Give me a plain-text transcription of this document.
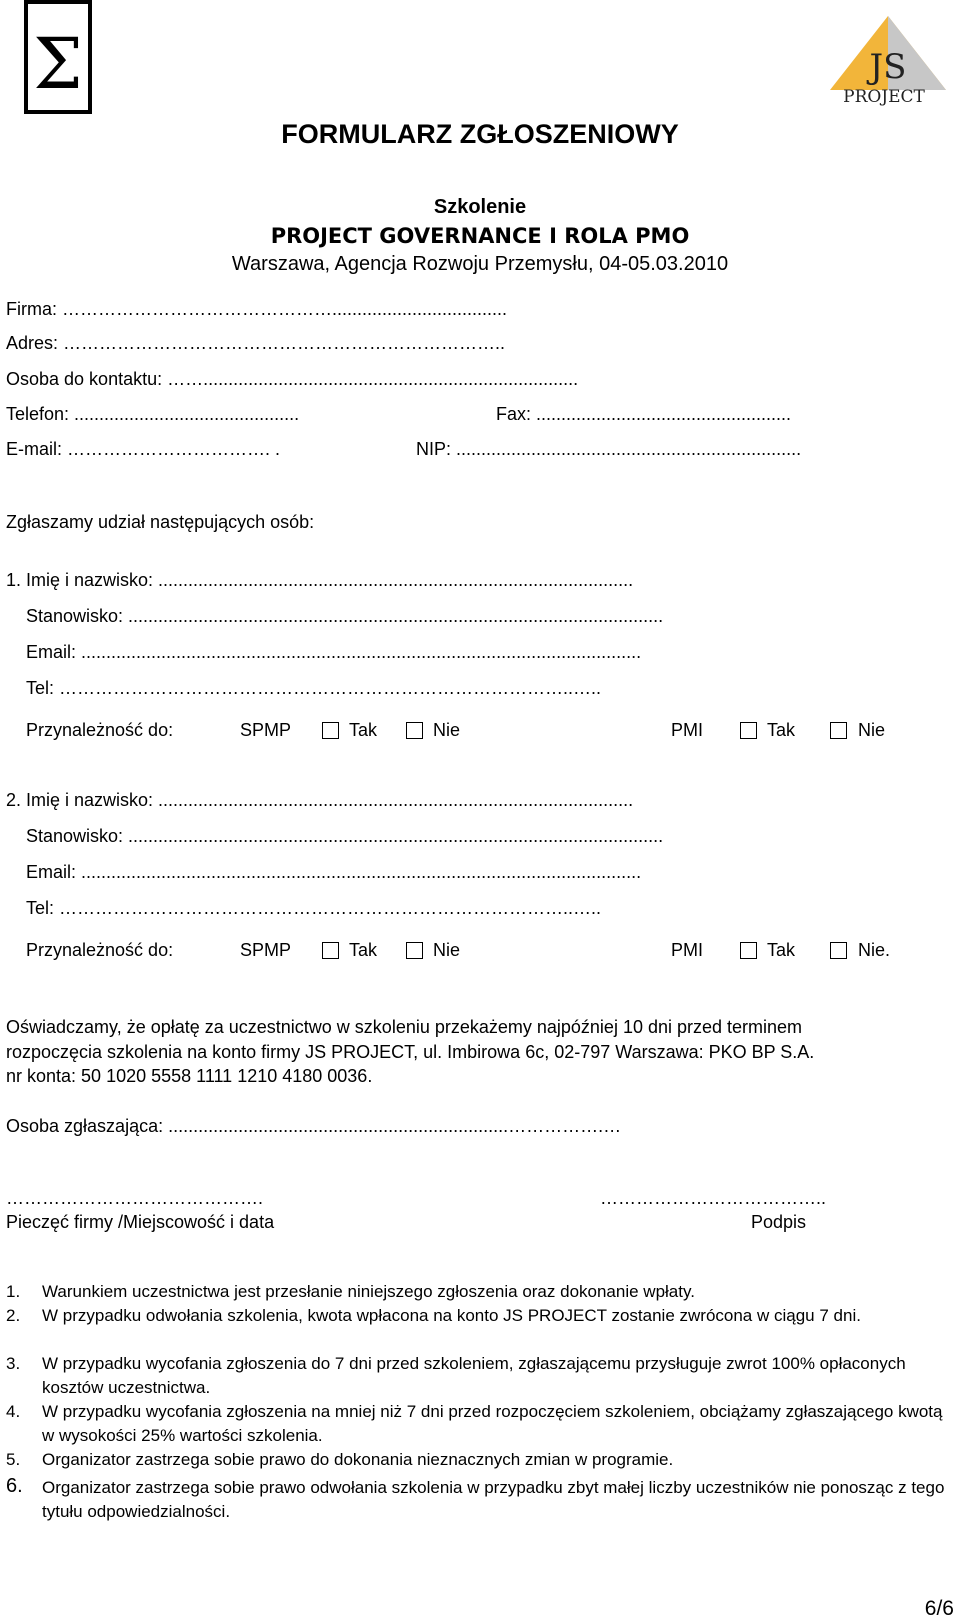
Σ	JS
PROJECT
FORMULARZ ZGŁOSZENIOWY
Szkolenie
PROJECT GOVERNANCE I ROLA PMO
Warszawa, Agencja Rozwoju Przemysłu, 04-05.03.2010
Firma: ………………………………………...................................
Adres: ………………………………………………………………..
Osoba do kontaktu: ……...........................................................................
Telefon: .............................................	Fax: ...................................................
E-mail: ……………………………. .	NIP: .....................................................................
Zgłaszamy udział następujących osób:
1. Imię i nazwisko: ...............................................................................................
Stanowisko: ...........................................................................................................
Email: ................................................................................................................
Tel: …………………………………………………………………………..…..
Przynależność do:	SPMP	Tak	Nie	PMI	Tak	Nie
2. Imię i nazwisko: ...............................................................................................
Stanowisko: ...........................................................................................................
Email: ................................................................................................................
Tel: …………………………………………………………………………..…..
Przynależność do:	SPMP	Tak	Nie	PMI	Tak	Nie.
Oświadczamy, że opłatę za uczestnictwo w szkoleniu przekażemy najpóźniej 10 dni przed terminem
rozpoczęcia szkolenia na konto firmy JS PROJECT, ul. Imbirowa 6c, 02-797 Warszawa: PKO BP S.A.
nr konta: 50 1020 5558 1111 1210 4180 0036.
Osoba zgłaszająca: ....................................................................…………….…
…………………………………….	………………………………..
Pieczęć firmy /Miejscowość i data	Podpis
1. Warunkiem uczestnictwa jest przesłanie niniejszego zgłoszenia oraz dokonanie wpłaty.
2. W przypadku odwołania szkolenia, kwota wpłacona na konto JS PROJECT zostanie zwrócona w ciągu 7 dni.
3. W przypadku wycofania zgłoszenia do 7 dni przed szkoleniem, zgłaszającemu przysługuje zwrot 100% opłaconych kosztów uczestnictwa.
4. W przypadku wycofania zgłoszenia na mniej niż 7 dni przed rozpoczęciem szkoleniem, obciążamy zgłaszającego kwotą w wysokości 25% wartości szkolenia.
5. Organizator zastrzega sobie prawo do dokonania nieznacznych zmian w programie.
6. Organizator zastrzega sobie prawo odwołania szkolenia w przypadku zbyt małej liczby uczestników nie ponosząc z tego tytułu odpowiedzialności.
6/6
